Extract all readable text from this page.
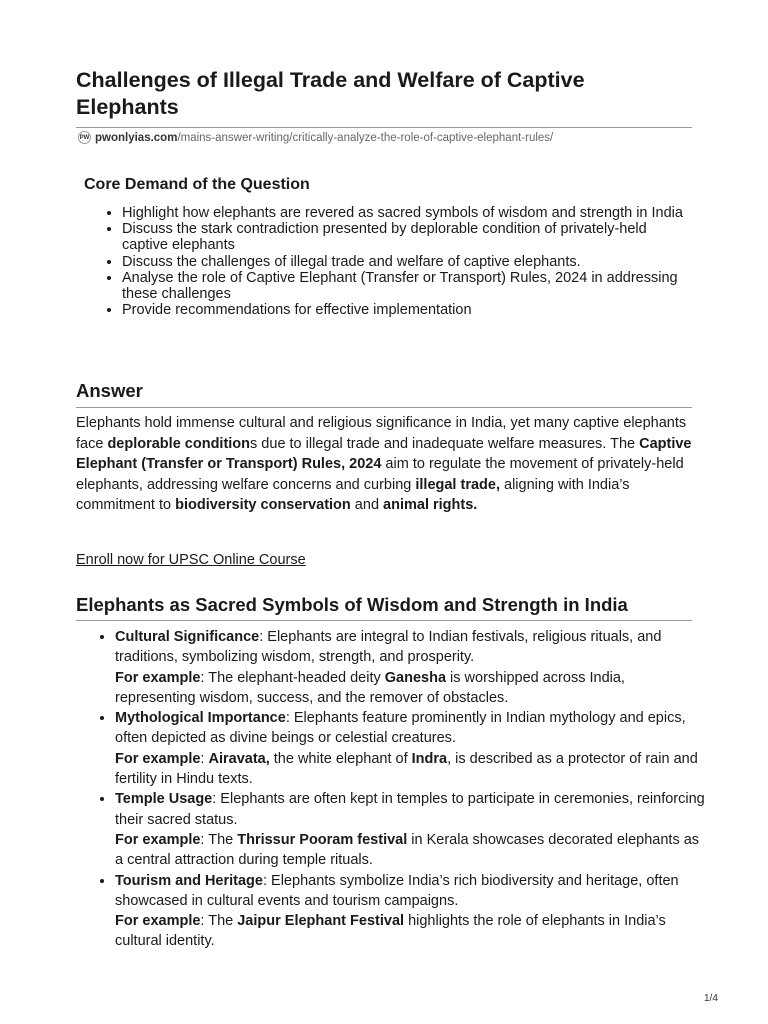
Challenges of Illegal Trade and Welfare of Captive Elephants
PW pwonlyias.com/mains-answer-writing/critically-analyze-the-role-of-captive-elephant-rules/
Core Demand of the Question
• Highlight how elephants are revered as sacred symbols of wisdom and strength in India
• Discuss the stark contradiction presented by deplorable condition of privately-held captive elephants
• Discuss the challenges of illegal trade and welfare of captive elephants.
• Analyse the role of Captive Elephant (Transfer or Transport) Rules, 2024 in addressing these challenges
• Provide recommendations for effective implementation
Answer

Elephants hold immense cultural and religious significance in India, yet many captive elephants face deplorable conditions due to illegal trade and inadequate welfare measures. The Captive Elephant (Transfer or Transport) Rules, 2024 aim to regulate the movement of privately-held elephants, addressing welfare concerns and curbing illegal trade, aligning with India’s commitment to biodiversity conservation and animal rights.

Enroll now for UPSC Online Course
Elephants as Sacred Symbols of Wisdom and Strength in India
• Cultural Significance: Elephants are integral to Indian festivals, religious rituals, and traditions, symbolizing wisdom, strength, and prosperity.
For example: The elephant-headed deity Ganesha is worshipped across India, representing wisdom, success, and the remover of obstacles.
• Mythological Importance: Elephants feature prominently in Indian mythology and epics, often depicted as divine beings or celestial creatures.
For example: Airavata, the white elephant of Indra, is described as a protector of rain and fertility in Hindu texts.
• Temple Usage: Elephants are often kept in temples to participate in ceremonies, reinforcing their sacred status.
For example: The Thrissur Pooram festival in Kerala showcases decorated elephants as a central attraction during temple rituals.
• Tourism and Heritage: Elephants symbolize India’s rich biodiversity and heritage, often showcased in cultural events and tourism campaigns.
For example: The Jaipur Elephant Festival highlights the role of elephants in India’s cultural identity.
1/4
